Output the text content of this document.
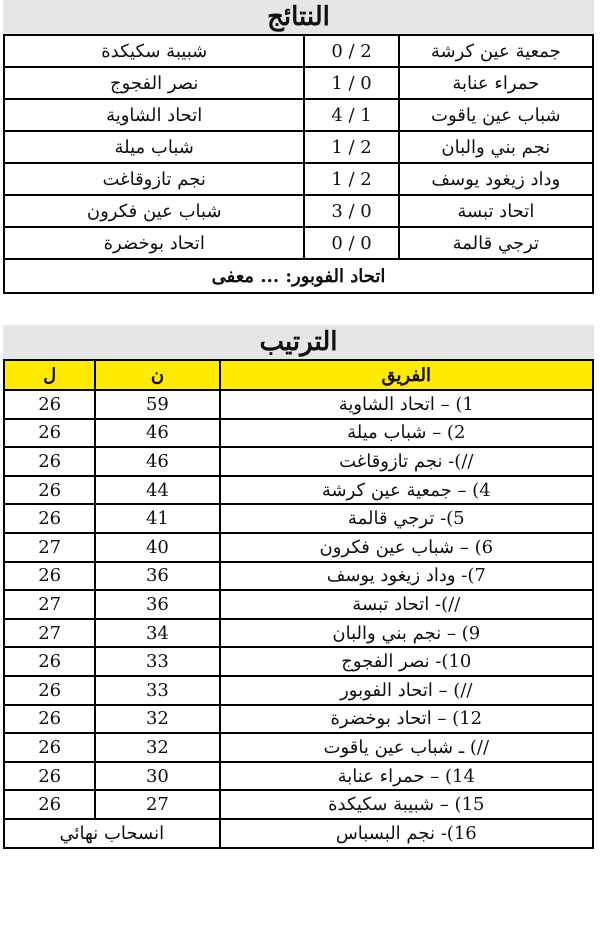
النتائج
جمعية عين كرشة	2 / 0	شبيبة سكيكدة
حمراء عنابة	0 / 1	نصر الفجوج
شباب عين ياقوت	1 / 4	اتحاد الشاوية
نجم بني والبان	2 / 1	شباب ميلة
وداد زيغود يوسف	2 / 1	نجم تازوقاغت
اتحاد تبسة	0 / 3	شباب عين فكرون
ترجي قالمة	0 / 0	اتحاد بوخضرة
اتحاد الفوبور: ... معفى		
الترتيب
الفريق	ن	ل
1) – اتحاد الشاوية	59	26
2) – شباب ميلة	46	26
//)- نجم تازوقاغت	46	26
4) – جمعية عين كرشة	44	26
5)- ترجي قالمة	41	26
6) – شباب عين فكرون	40	27
7)- وداد زيغود يوسف	36	26
//)- اتحاد تبسة	36	27
9) – نجم بني والبان	34	27
10)- نصر الفجوج	33	26
//) – اتحاد الفوبور	33	26
12) – اتحاد بوخضرة	32	26
//) ـ شباب عين ياقوت	32	26
14) – حمراء عنابة	30	26
15) – شبيبة سكيكدة	27	26
16)- نجم البسباس	انسحاب نهائي	
